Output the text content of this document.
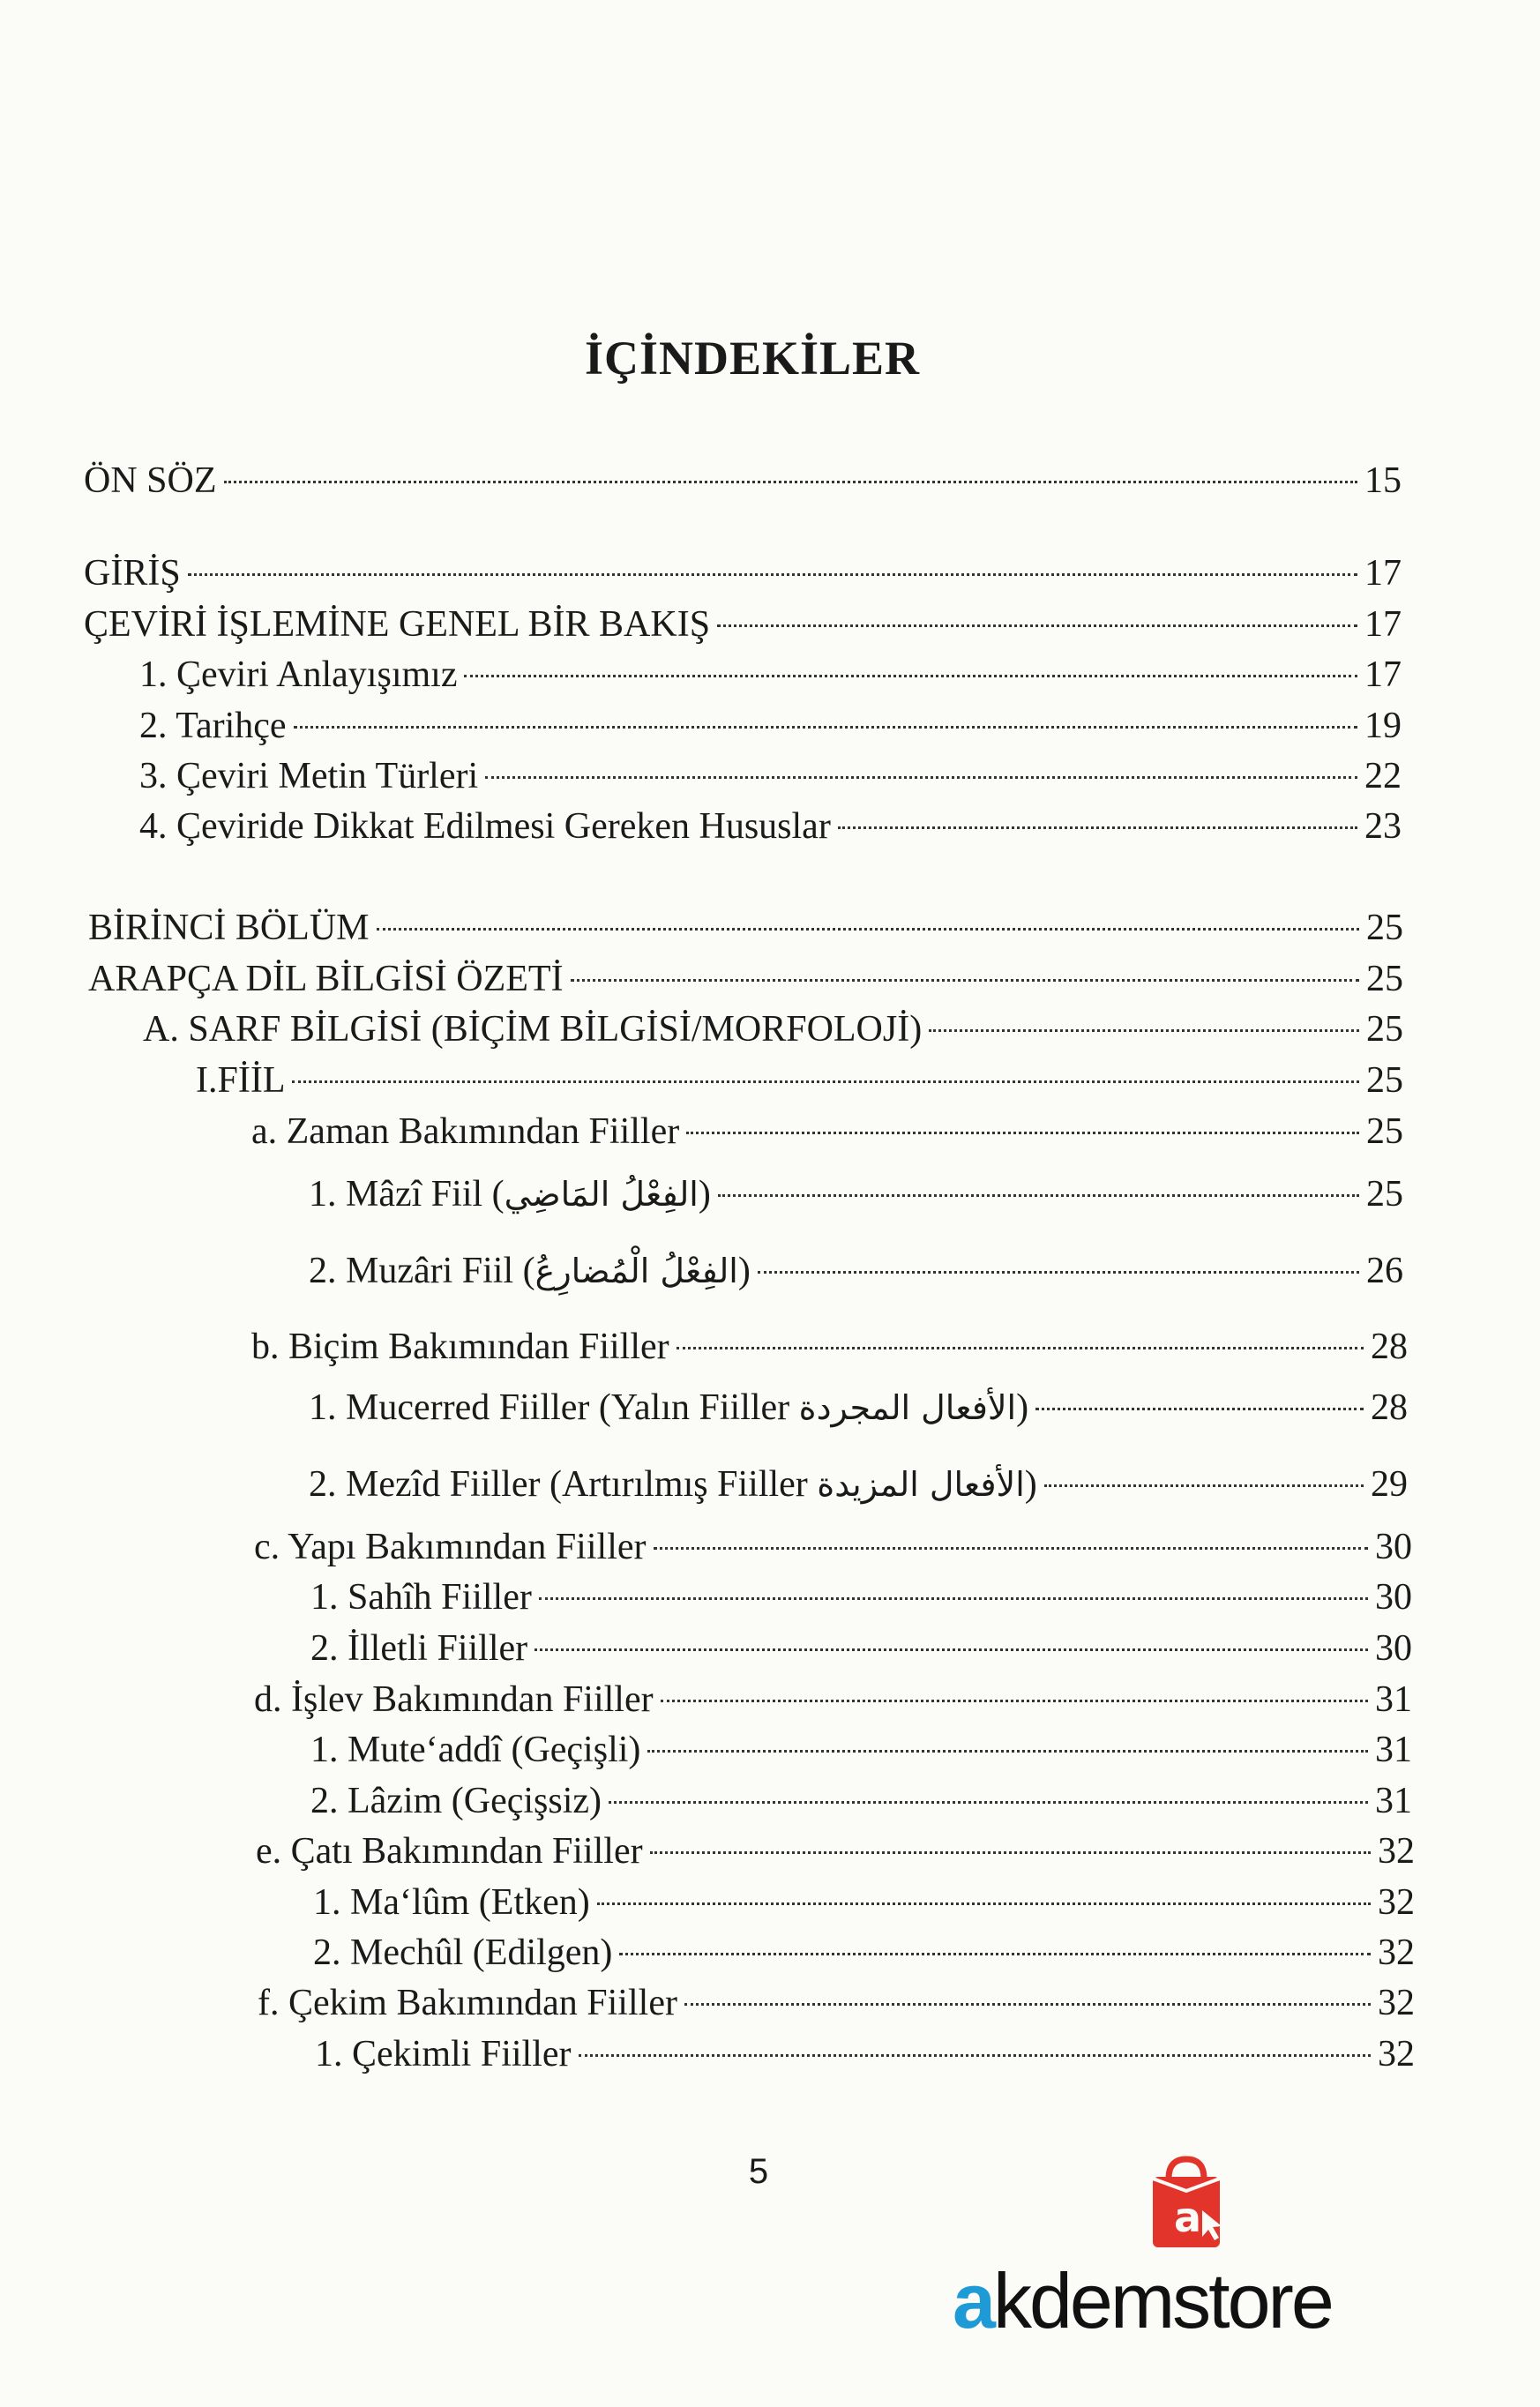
İÇİNDEKİLER
ÖN SÖZ	15
GİRİŞ	17
ÇEVİRİ İŞLEMİNE GENEL BİR BAKIŞ	17
1. Çeviri Anlayışımız	17
2. Tarihçe	19
3. Çeviri Metin Türleri	22
4. Çeviride Dikkat Edilmesi Gereken Hususlar	23
BİRİNCİ BÖLÜM	25
ARAPÇA DİL BİLGİSİ ÖZETİ	25
A. SARF BİLGİSİ (BİÇİM BİLGİSİ/MORFOLOJİ)	25
I.FİİL	25
a. Zaman Bakımından Fiiller	25
1. Mâzî Fiil (الفِعْلُ المَاضِي)	25
2. Muzâri Fiil (الفِعْلُ الْمُضارِعُ)	26
b. Biçim Bakımından Fiiller	28
1. Mucerred Fiiller (Yalın Fiiller الأفعال المجردة)	28
2. Mezîd Fiiller (Artırılmış Fiiller الأفعال المزيدة)	29
c. Yapı Bakımından Fiiller	30
1. Sahîh Fiiller	30
2. İlletli Fiiller	30
d. İşlev Bakımından Fiiller	31
1. Mute‘addî (Geçişli)	31
2. Lâzim (Geçişsiz)	31
e. Çatı Bakımından Fiiller	32
1. Ma‘lûm (Etken)	32
2. Mechûl (Edilgen)	32
f. Çekim Bakımından Fiiller	32
1. Çekimli Fiiller	32
5
a
akdemstore
